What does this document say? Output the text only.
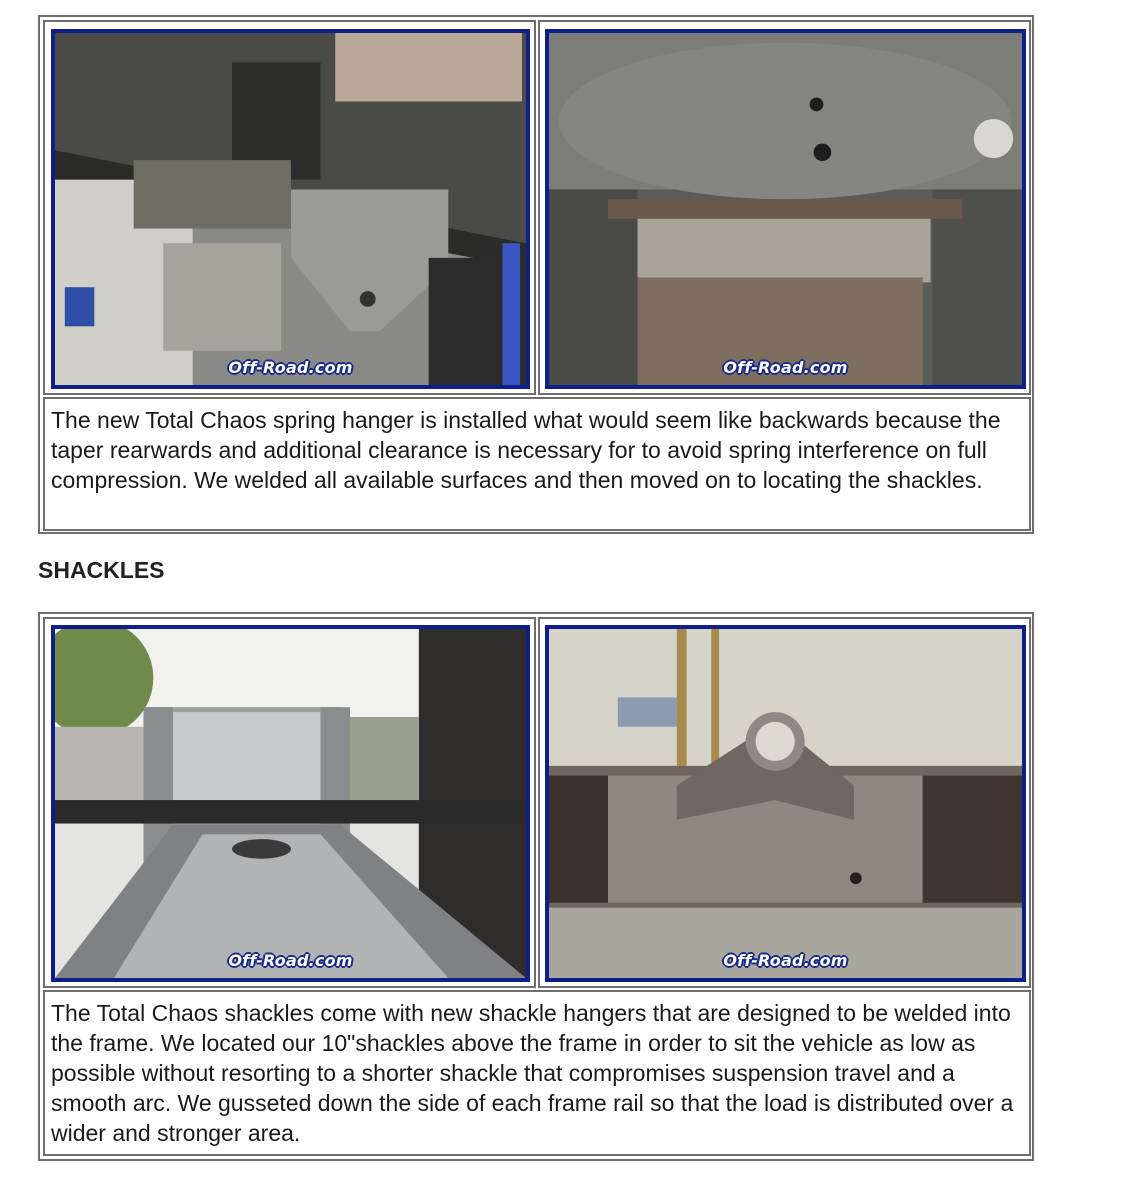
Off-Road.com	Off-Road.com
The new Total Chaos spring hanger is installed what would seem like backwards because the taper rearwards and additional clearance is necessary for to avoid spring interference on full compression. We welded all available surfaces and then moved on to locating the shackles.
SHACKLES
Off-Road.com	Off-Road.com
The Total Chaos shackles come with new shackle hangers that are designed to be welded into the frame. We located our 10"shackles above the frame in order to sit the vehicle as low as possible without resorting to a shorter shackle that compromises suspension travel and a smooth arc. We gusseted down the side of each frame rail so that the load is distributed over a wider and stronger area.
